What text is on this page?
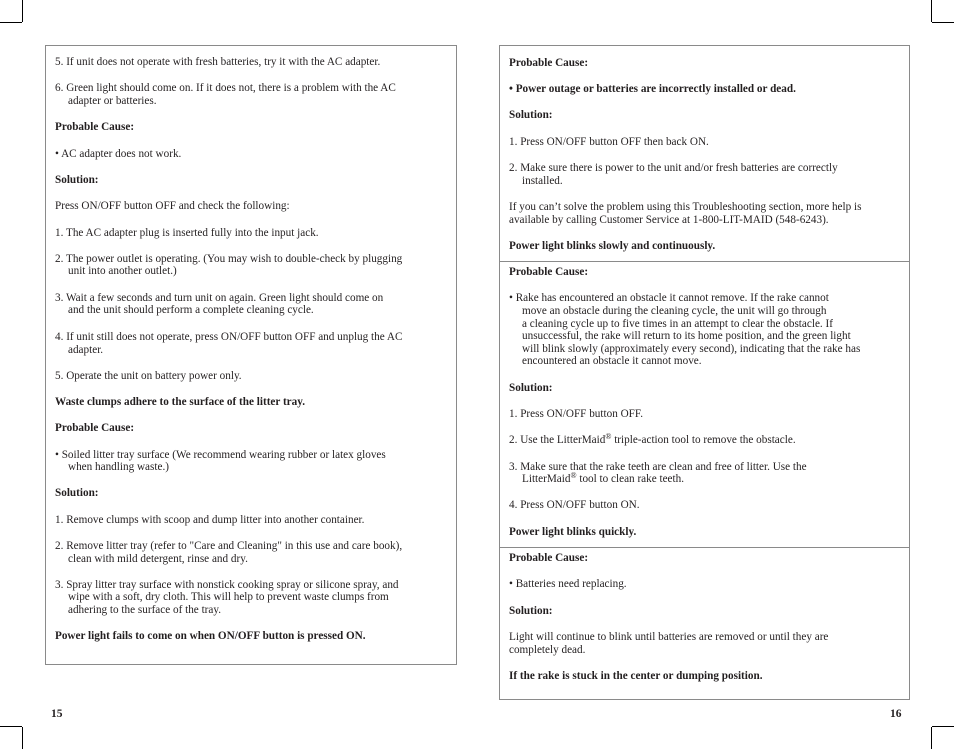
5. If unit does not operate with fresh batteries, try it with the AC adapter.
6. Green light should come on. If it does not, there is a problem with the AC
adapter or batteries.
Probable Cause:
• AC adapter does not work.
Solution:
Press ON/OFF button OFF and check the following:
1. The AC adapter plug is inserted fully into the input jack.
2. The power outlet is operating. (You may wish to double-check by plugging
unit into another outlet.)
3. Wait a few seconds and turn unit on again. Green light should come on
and the unit should perform a complete cleaning cycle.
4. If unit still does not operate, press ON/OFF button OFF and unplug the AC
adapter.
5. Operate the unit on battery power only.
Waste clumps adhere to the surface of the litter tray.
Probable Cause:
• Soiled litter tray surface (We recommend wearing rubber or latex gloves
when handling waste.)
Solution:
1. Remove clumps with scoop and dump litter into another container.
2. Remove litter tray (refer to "Care and Cleaning" in this use and care book),
clean with mild detergent, rinse and dry.
3. Spray litter tray surface with nonstick cooking spray or silicone spray, and
wipe with a soft, dry cloth. This will help to prevent waste clumps from
adhering to the surface of the tray.
Power light fails to come on when ON/OFF button is pressed ON.
15
Probable Cause:
• Power outage or batteries are incorrectly installed or dead.
Solution:
1. Press ON/OFF button OFF then back ON.
2. Make sure there is power to the unit and/or fresh batteries are correctly
installed.
If you can’t solve the problem using this Troubleshooting section, more help is
available by calling Customer Service at 1-800-LIT-MAID (548-6243).
Power light blinks slowly and continuously.
Probable Cause:
• Rake has encountered an obstacle it cannot remove. If the rake cannot
move an obstacle during the cleaning cycle, the unit will go through
a cleaning cycle up to five times in an attempt to clear the obstacle. If
unsuccessful, the rake will return to its home position, and the green light
will blink slowly (approximately every second), indicating that the rake has
encountered an obstacle it cannot move.
Solution:
1. Press ON/OFF button OFF.
2. Use the LitterMaid® triple-action tool to remove the obstacle.
3. Make sure that the rake teeth are clean and free of litter. Use the
LitterMaid® tool to clean rake teeth.
4. Press ON/OFF button ON.
Power light blinks quickly.
Probable Cause:
• Batteries need replacing.
Solution:
Light will continue to blink until batteries are removed or until they are
completely dead.
If the rake is stuck in the center or dumping position.
16
